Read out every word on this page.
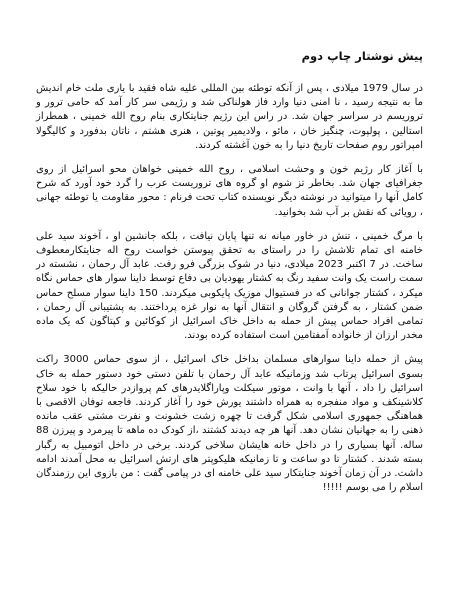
پیش نوشتار چاپ دوم

در سال 1979 میلادی ، پس از آنکه توطئه بین المللی علیه شاه فقید با یاری ملت خام اندیش ما به نتیجه رسید ، نا امنی دنیا وارد فاز هولناکی شد و رژیمی سر کار آمد که حامی ترور و تروریسم در سراسر جهان شد. در راس این رژیم جنایتکاری بنام روح الله خمینی ، همطراز استالین ، پولپوت، چنگیز خان ، مائو ، ولادیمیر پوتین ، هنری هشتم ، ناتان بدفورد و کالیگولا امپراتور روم صفحات تاریخ دنیا را به خون آغشته کردند.

با آغاز کار رژیم خون و وحشت اسلامی ، روح الله خمینی خواهان محو اسرائیل از روی جغرافیای جهان شد. بخاطر تز شوم او گروه های تروریست عرب را گرد خود آورد که شرح کامل آنها را میتوانید در نوشته دیگر نویسنده کتاب تحت فرنام : محور مقاومت یا توطئه جهانی ، رویائی که نقش بر آب شد بخوانید.

با مرگ خمینی ، تنش در خاور میانه نه تنها پایان نیافت ، بلکه جانشین او ، آخوند سید علی خامنه ای تمام تلاشش را در راستای به تحقق پیوستن خواست روح اله جنایتکارمعطوف ساخت. در 7 اکتبر 2023 میلادی، دنیا در شوک بزرگی فرو رفت. عابد آل رحمان ، نشسته در سمت راست یک وانت سفید رنگ به کشتار یهودیان بی دفاع توسط داینا سوار های حماس نگاه میکرد ، کشتار جوانانی که در فستیوال موزیک پایکوبی میکردند. 150 داینا سوار مسلح حماس ضمن کشتار ، به گرفتن گروگان و انتقال آنها به نوار غزه پرداختند. به پشتیبانی آل رحمان ، تمامی افراد حماس پیش از حمله به داخل خاک اسرائیل از کوکائین و کپتاگون که یک ماده مخدر ارزان از خانواده آمفتامین است استفاده کرده بودند.

پیش از حمله داینا سوارهای مسلمان بداخل خاک اسرائیل ، از سوی حماس 3000 راکت بسوی اسرائیل پرتاب شد وزمانیکه عابد آل رحمان با تلفن دستی خود دستور حمله به خاک اسرائیل را داد ، آنها با وانت ، موتور سیکلت وپاراگلایدرهای کم پروازدر حالیکه با خود سلاح کلاشینکف و مواد منفجره به همراه داشتند یورش خود را آغاز کردند. فاجعه توفان الاقصی با هماهنگی جمهوری اسلامی شکل گرفت تا چهره زشت خشونت و نفرت مشتی عقب مانده ذهنی را به جهانیان نشان دهد. آنها هر چه دیدند کشتند ،از کودک ده ماهه تا پیرمرد و پیرزن 88 ساله. آنها بسیاری را در داخل خانه هایشان سلاخی کردند. برخی در داخل اتومبیل به رگبار بسته شدند . کشتار تا دو ساعت و تا زمانیکه هلیکوپتر های ارتش اسرائیل به محل آمدند ادامه داشت. در آن زمان آخوند جنایتکار سید علی خامنه ای در پیامی گفت : من بازوی این رزمندگان اسلام را می بوسم !!!!!
